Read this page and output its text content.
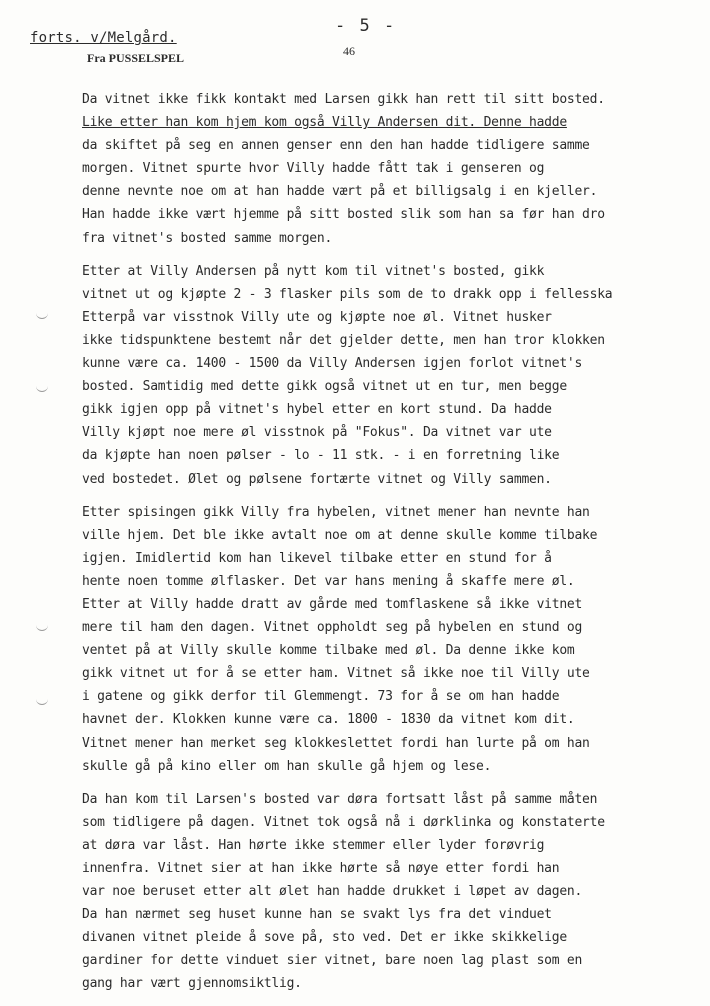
forts. v/Melgård.
- 5 -
46
Fra PUSSELSPEL
Da vitnet ikke fikk kontakt med Larsen gikk han rett til sitt bosted.
Like etter han kom hjem kom også Villy Andersen dit. Denne hadde
da skiftet på seg en annen genser enn den han hadde tidligere samme
morgen. Vitnet spurte hvor Villy hadde fått tak i genseren og
denne nevnte noe om at han hadde vært på et billigsalg i en kjeller.
Han hadde ikke vært hjemme på sitt bosted slik som han sa før han dro
fra vitnet's bosted samme morgen.
Etter at Villy Andersen på nytt kom til vitnet's bosted, gikk
vitnet ut og kjøpte 2 - 3 flasker pils som de to drakk opp i fellesska
Etterpå var visstnok Villy ute og kjøpte noe øl. Vitnet husker
ikke tidspunktene bestemt når det gjelder dette, men han tror klokken
kunne være ca. 1400 - 1500 da Villy Andersen igjen forlot vitnet's
bosted. Samtidig med dette gikk også vitnet ut en tur, men begge
gikk igjen opp på vitnet's hybel etter en kort stund. Da hadde
Villy kjøpt noe mere øl visstnok på "Fokus". Da vitnet var ute
da kjøpte han noen pølser - lo - 11 stk. - i en forretning like
ved bostedet. Ølet og pølsene fortærte vitnet og Villy sammen.
Etter spisingen gikk Villy fra hybelen, vitnet mener han nevnte han
ville hjem. Det ble ikke avtalt noe om at denne skulle komme tilbake
igjen. Imidlertid kom han likevel tilbake etter en stund for å
hente noen tomme ølflasker. Det var hans mening å skaffe mere øl.
Etter at Villy hadde dratt av gårde med tomflaskene så ikke vitnet
mere til ham den dagen. Vitnet oppholdt seg på hybelen en stund og
ventet på at Villy skulle komme tilbake med øl. Da denne ikke kom
gikk vitnet ut for å se etter ham. Vitnet så ikke noe til Villy ute
i gatene og gikk derfor til Glemmengt. 73 for å se om han hadde
havnet der. Klokken kunne være ca. 1800 - 1830 da vitnet kom dit.
Vitnet mener han merket seg klokkeslettet fordi han lurte på om han
skulle gå på kino eller om han skulle gå hjem og lese.
Da han kom til Larsen's bosted var døra fortsatt låst på samme måten
som tidligere på dagen. Vitnet tok også nå i dørklinka og konstaterte
at døra var låst. Han hørte ikke stemmer eller lyder forøvrig
innenfra. Vitnet sier at han ikke hørte så nøye etter fordi han
var noe beruset etter alt ølet han hadde drukket i løpet av dagen.
Da han nærmet seg huset kunne han se svakt lys fra det vinduet
divanen vitnet pleide å sove på, sto ved. Det er ikke skikkelige
gardiner for dette vinduet sier vitnet, bare noen lag plast som en
gang har vært gjennomsiktlig.
